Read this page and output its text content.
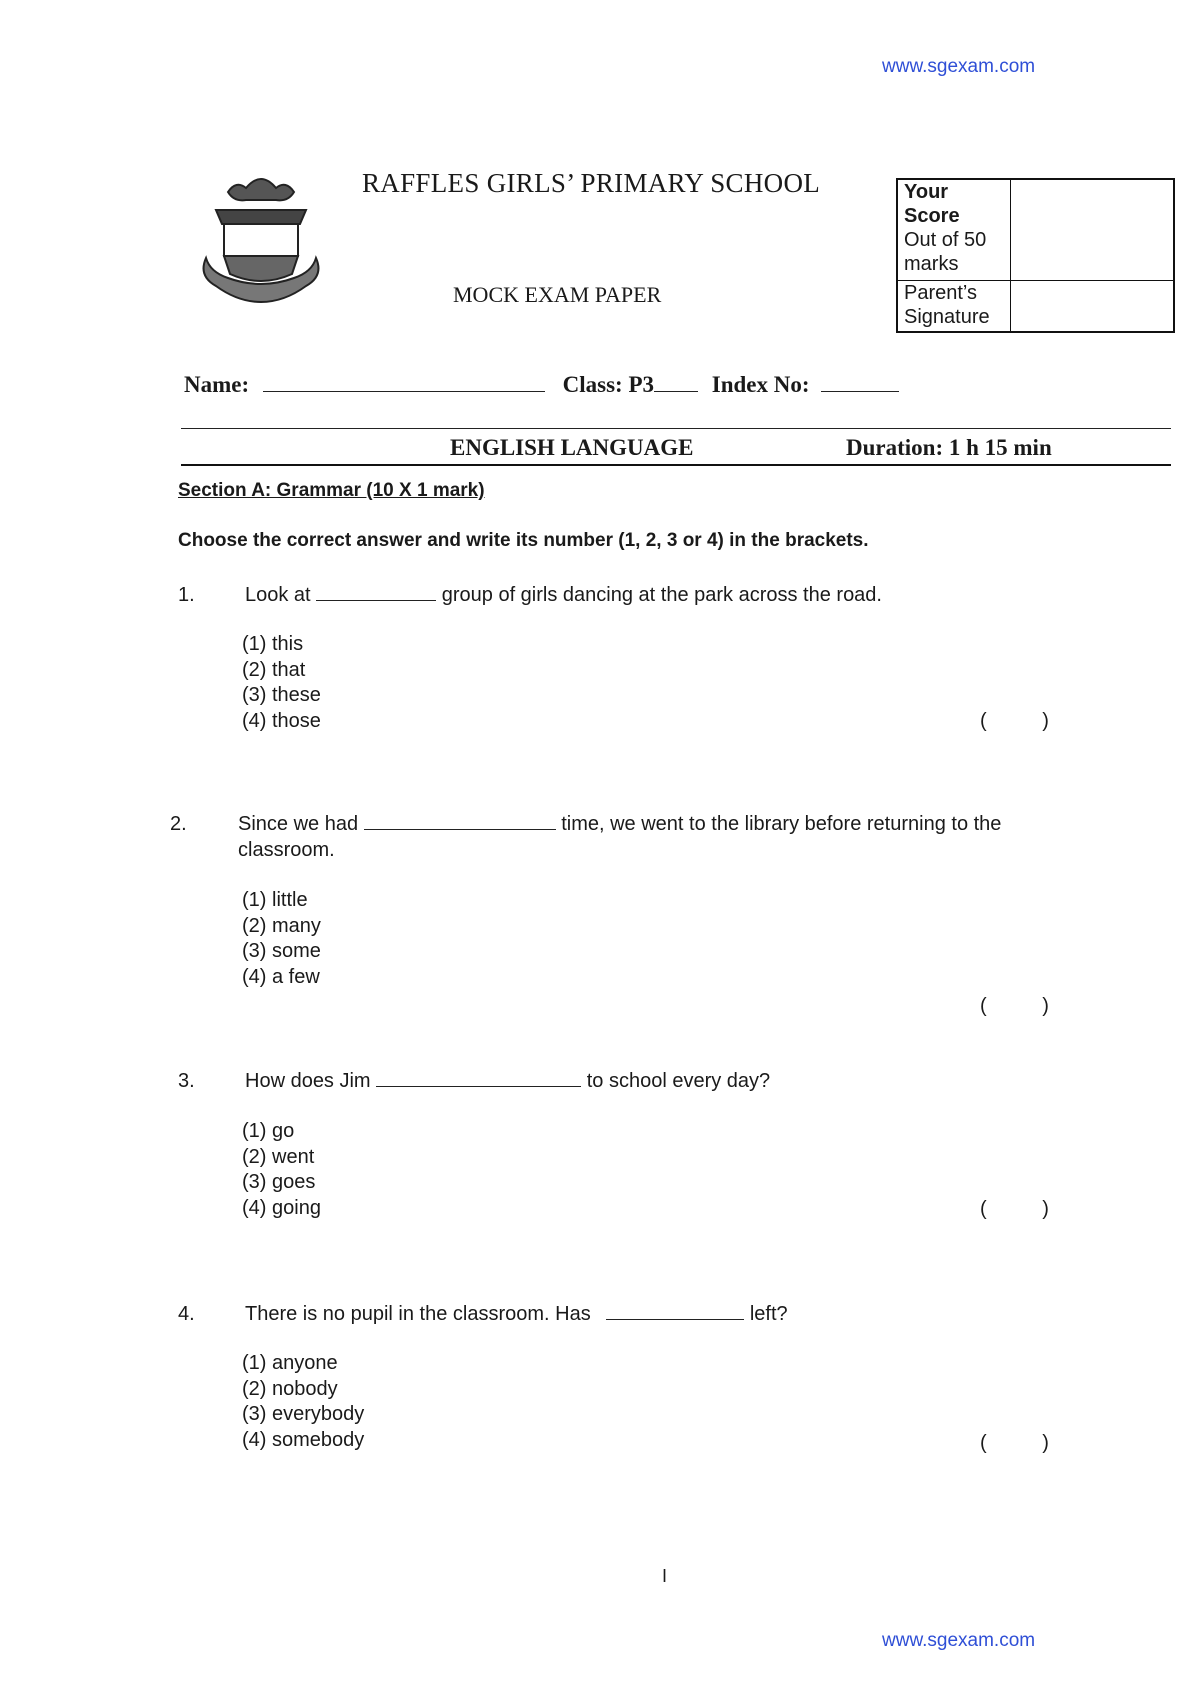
www.sgexam.com
RAFFLES GIRLS’ PRIMARY SCHOOL
MOCK EXAM PAPER
Your
Score
Out of 50
marks	

Parent’s
Signature	

Name:	Class: P3	Index No:
ENGLISH LANGUAGE	Duration: 1 h 15 min
Section A: Grammar (10 X 1 mark)
Choose the correct answer and write its number (1, 2, 3 or 4) in the brackets.
1.	Look at	group of girls dancing at the park across the road.
(1) this
(2) that
(3) these
(4) those	(          )
2.	Since we had	time, we went to the library before returning to the
classroom.
(1) little
(2) many
(3) some
(4) a few
(          )
3.	How does Jim	to school every day?
(1) go
(2) went
(3) goes
(4) going	(          )
4.	There is no pupil in the classroom. Has	left?
(1) anyone
(2) nobody
(3) everybody
(4) somebody	(          )
I
www.sgexam.com
